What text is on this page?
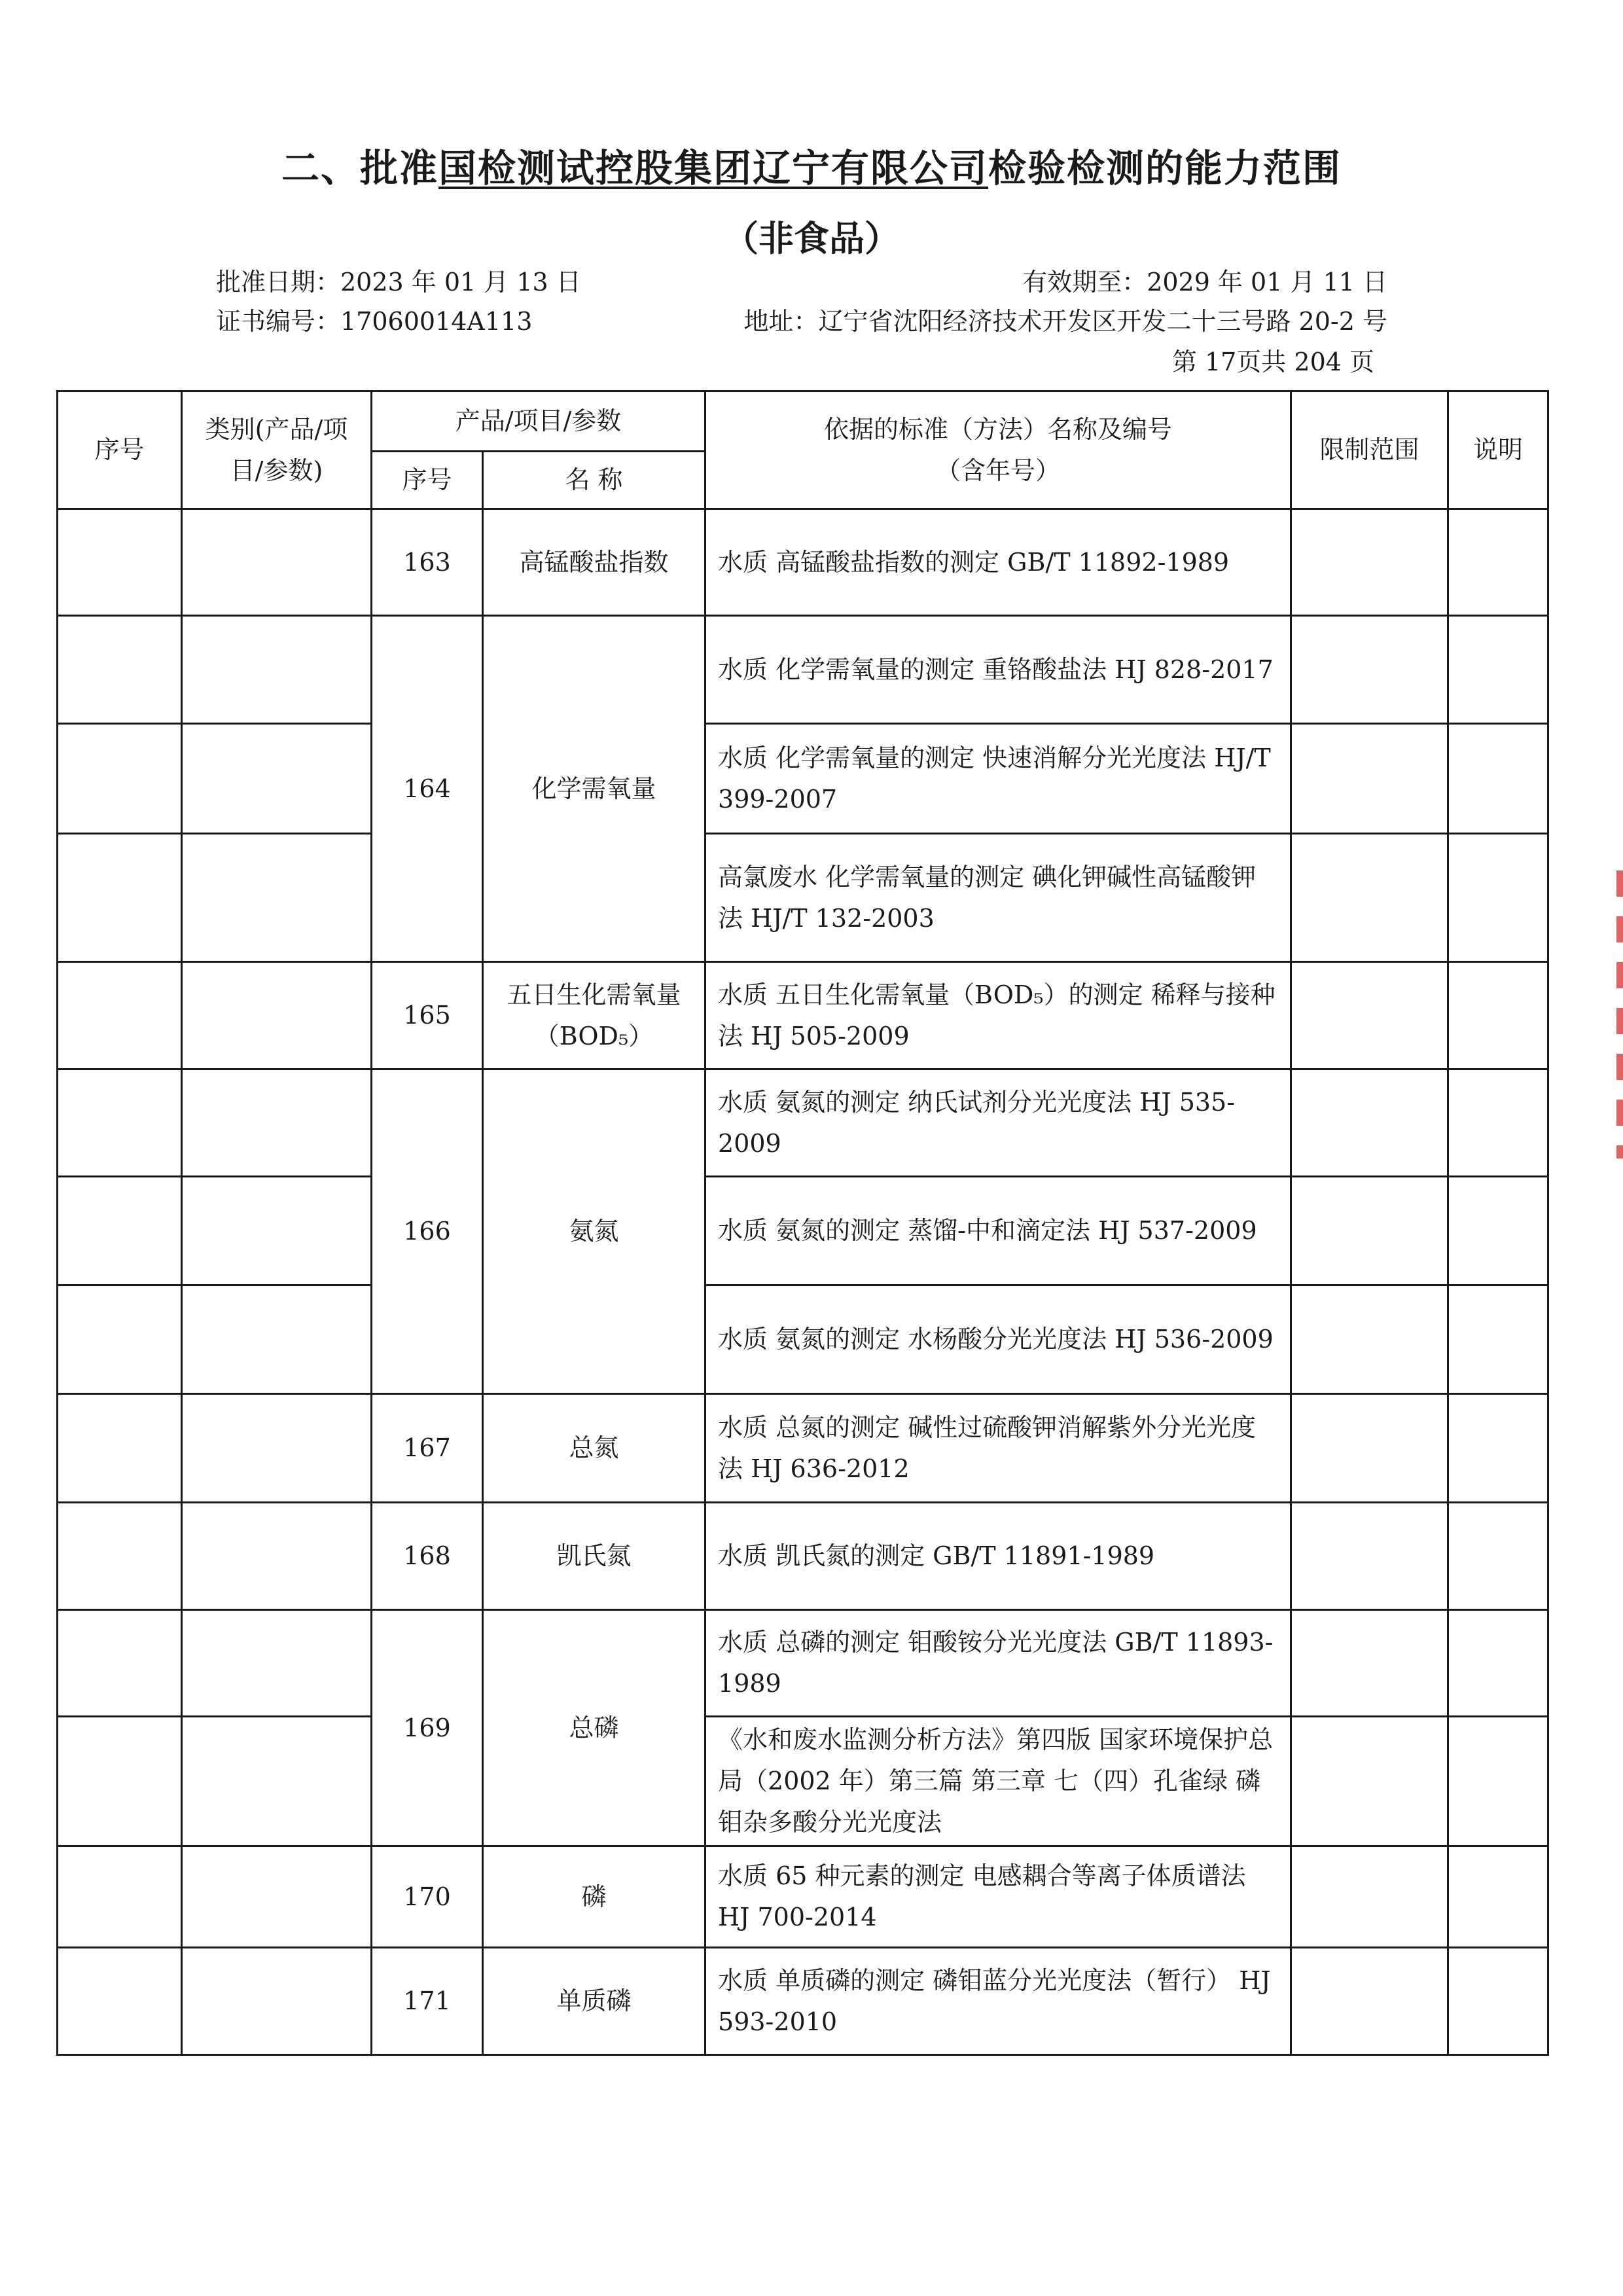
二、批准国检测试控股集团辽宁有限公司检验检测的能力范围
（非食品）
批准日期：2023 年 01 月 13 日	有效期至：2029 年 01 月 11 日
证书编号：17060014A113	地址：辽宁省沈阳经济技术开发区开发二十三号路 20-2 号
第 17页共 204 页
序号	类别(产品/项目/参数)	产品/项目/参数		依据的标准（方法）名称及编号（含年号）	限制范围	说明
		序号	名 称			
		163	高锰酸盐指数	水质 高锰酸盐指数的测定 GB/T 11892-1989		
		164	化学需氧量	水质 化学需氧量的测定 重铬酸盐法 HJ 828-2017		
				水质 化学需氧量的测定 快速消解分光光度法 HJ/T 399-2007		
				高氯废水 化学需氧量的测定 碘化钾碱性高锰酸钾法 HJ/T 132-2003		
		165	五日生化需氧量（BOD₅）	水质 五日生化需氧量（BOD₅）的测定 稀释与接种法 HJ 505-2009		
		166	氨氮	水质 氨氮的测定 纳氏试剂分光光度法 HJ 535-2009		
				水质 氨氮的测定 蒸馏-中和滴定法 HJ 537-2009		
				水质 氨氮的测定 水杨酸分光光度法 HJ 536-2009		
		167	总氮	水质 总氮的测定 碱性过硫酸钾消解紫外分光光度法 HJ 636-2012		
		168	凯氏氮	水质 凯氏氮的测定 GB/T 11891-1989		
		169	总磷	水质 总磷的测定 钼酸铵分光光度法 GB/T 11893-1989		
				《水和废水监测分析方法》第四版 国家环境保护总局（2002 年）第三篇 第三章 七（四）孔雀绿 磷钼杂多酸分光光度法		
		170	磷	水质 65 种元素的测定 电感耦合等离子体质谱法 HJ 700-2014		
		171	单质磷	水质 单质磷的测定 磷钼蓝分光光度法（暂行） HJ 593-2010		
